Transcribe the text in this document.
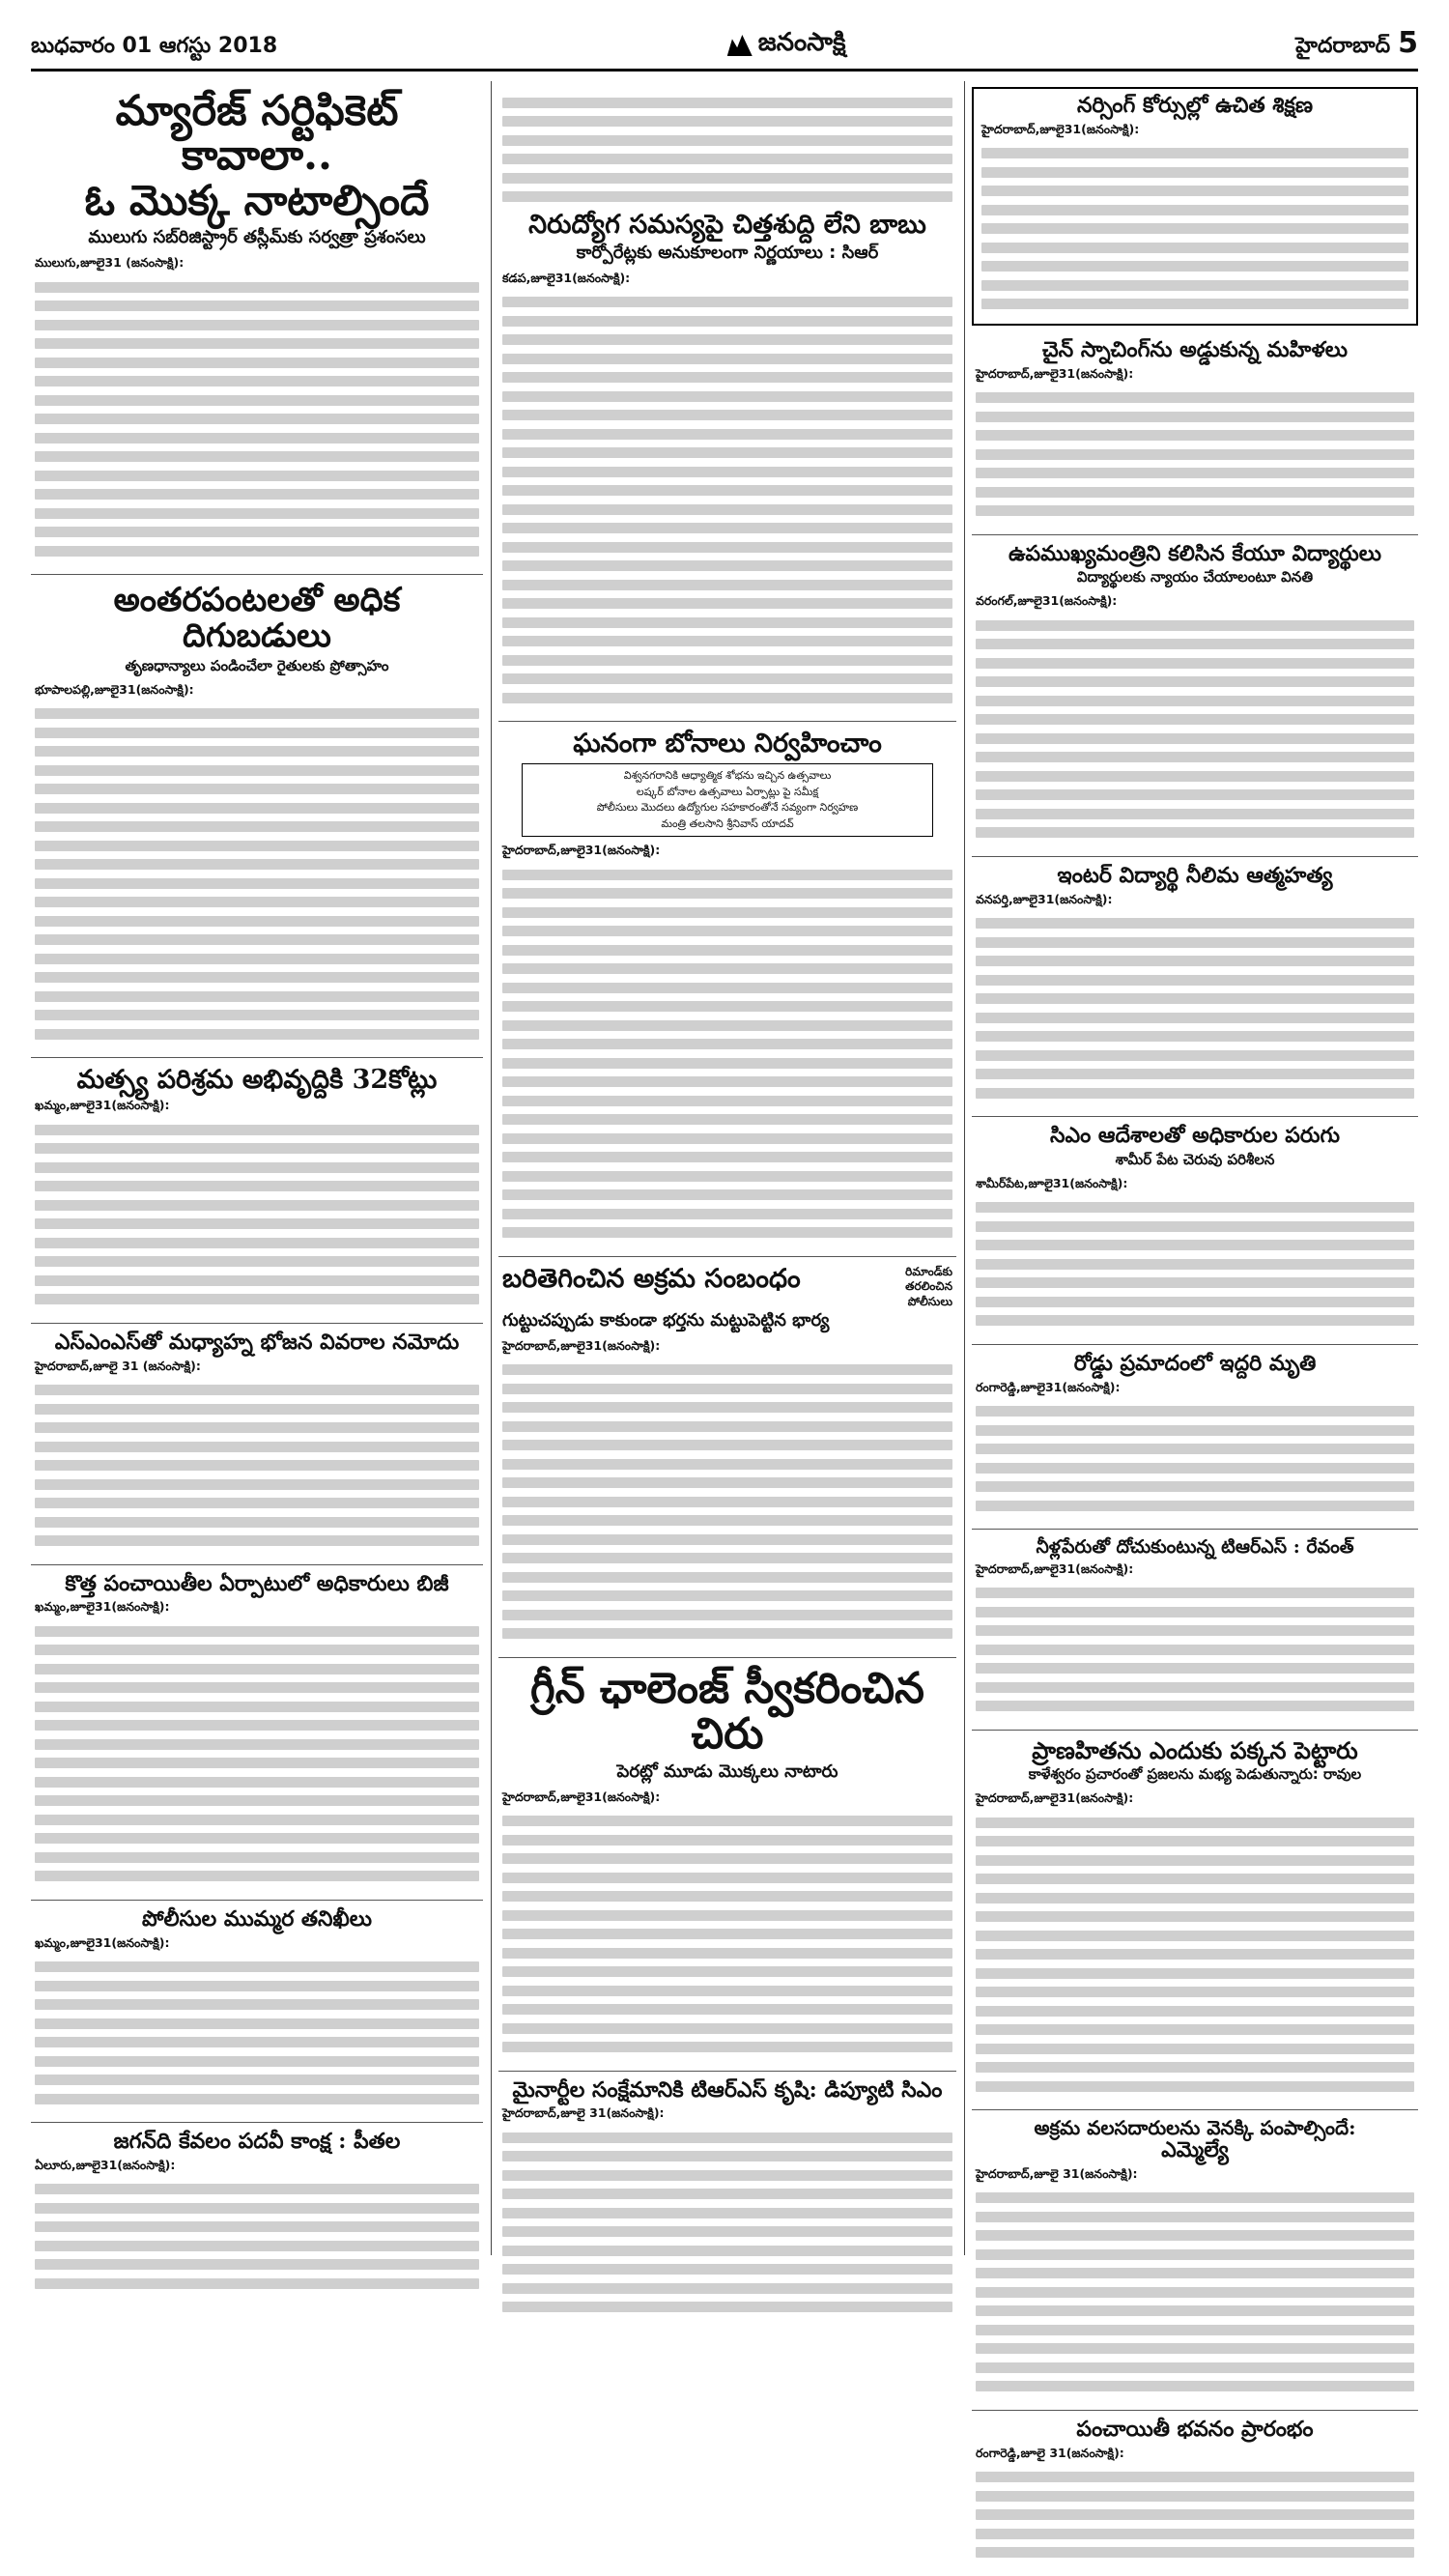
బుధవారం 01 ఆగస్టు 2018	జనంసాక్షి	హైదరాబాద్ 5
మ్యారేజ్ సర్టిఫికెట్ కావాలా..
ఓ మొక్క నాటాల్సిందే
ములుగు సబ్‌రిజిస్ట్రార్ తస్లీమ్‌కు సర్వత్రా ప్రశంసలు
ములుగు,జూలై31 (జనంసాక్షి):
అంతరపంటలతో అధిక దిగుబడులు
తృణధాన్యాలు పండించేలా రైతులకు ప్రోత్సాహం
భూపాలపల్లి,జూలై31(జనంసాక్షి):
మత్స్య పరిశ్రమ అభివృద్దికి 32కోట్లు
ఖమ్మం,జూలై31(జనంసాక్షి):
ఎస్‌ఎంఎస్‌తో మధ్యాహ్న భోజన వివరాల నమోదు
హైదరాబాద్,జూలై 31 (జనంసాక్షి):
కొత్త పంచాయితీల ఏర్పాటులో అధికారులు బిజీ
ఖమ్మం,జూలై31(జనంసాక్షి):
పోలీసుల ముమ్మర తనిఖీలు
ఖమ్మం,జూలై31(జనంసాక్షి):
జగన్‌ది కేవలం పదవీ కాంక్ష : పీతల
ఏలూరు,జూలై31(జనంసాక్షి):
నిరుద్యోగ సమస్యపై చిత్తశుద్ది లేని బాబు
కార్పోరేట్లకు అనుకూలంగా నిర్ణయాలు : సిఆర్
కడప,జూలై31(జనంసాక్షి):
ఘనంగా బోనాలు నిర్వహించాం
విశ్వనగరానికి ఆధ్యాత్మిక శోభను ఇచ్చిన ఉత్సవాలు
లష్కర్ బోనాల ఉత్సవాలు ఏర్పాట్లు పై సమీక్ష
పోలీసులు మొదలు ఉద్యోగుల సహకారంతోనే సవ్యంగా నిర్వహణ
మంత్రి తలసాని శ్రీనివాస్ యాదవ్
హైదరాబాద్,జూలై31(జనంసాక్షి):
రిమాండ్‌కు తరలించిన పోలీసులు
బరితెగించిన అక్రమ సంబంధం
గుట్టుచప్పుడు కాకుండా భర్తను మట్టుపెట్టిన భార్య
హైదరాబాద్,జూలై31(జనంసాక్షి):
గ్రీన్ ఛాలెంజ్ స్వీకరించిన చిరు
పెరట్లో మూడు మొక్కలు నాటారు
హైదరాబాద్,జూలై31(జనంసాక్షి):
మైనార్టీల సంక్షేమానికి టిఆర్‌ఎస్ కృషి: డిప్యూటి సిఎం
హైదరాబాద్,జూలై 31(జనంసాక్షి):
నర్సింగ్ కోర్సుల్లో ఉచిత శిక్షణ
హైదరాబాద్,జూలై31(జనంసాక్షి):
చైన్ స్నాచింగ్‌ను అడ్డుకున్న మహిళలు
హైదరాబాద్,జూలై31(జనంసాక్షి):
ఉపముఖ్యమంత్రిని కలిసిన కేయూ విద్యార్థులు
విద్యార్థులకు న్యాయం చేయాలంటూ వినతి
వరంగల్,జూలై31(జనంసాక్షి):
ఇంటర్ విద్యార్థి నీలిమ ఆత్మహత్య
వనపర్తి,జూలై31(జనంసాక్షి):
సిఎం ఆదేశాలతో అధికారుల పరుగు
శామీర్ పేట చెరువు పరిశీలన
శామీర్‌పేట,జూలై31(జనంసాక్షి):
రోడ్డు ప్రమాదంలో ఇద్దరి మృతి
రంగారెడ్డి,జూలై31(జనంసాక్షి):
నీళ్లపేరుతో దోచుకుంటున్న టిఆర్‌ఎస్ : రేవంత్
హైదరాబాద్,జూలై31(జనంసాక్షి):
ప్రాణహితను ఎందుకు పక్కన పెట్టారు
కాళేశ్వరం ప్రచారంతో ప్రజలను మభ్య పెడుతున్నారు: రావుల
హైదరాబాద్,జూలై31(జనంసాక్షి):
అక్రమ వలసదారులను వెనక్కి పంపాల్సిందే:
ఎమ్మెల్యే
హైదరాబాద్,జూలై 31(జనంసాక్షి):
పంచాయితీ భవనం ప్రారంభం
రంగారెడ్డి,జూలై 31(జనంసాక్షి):
